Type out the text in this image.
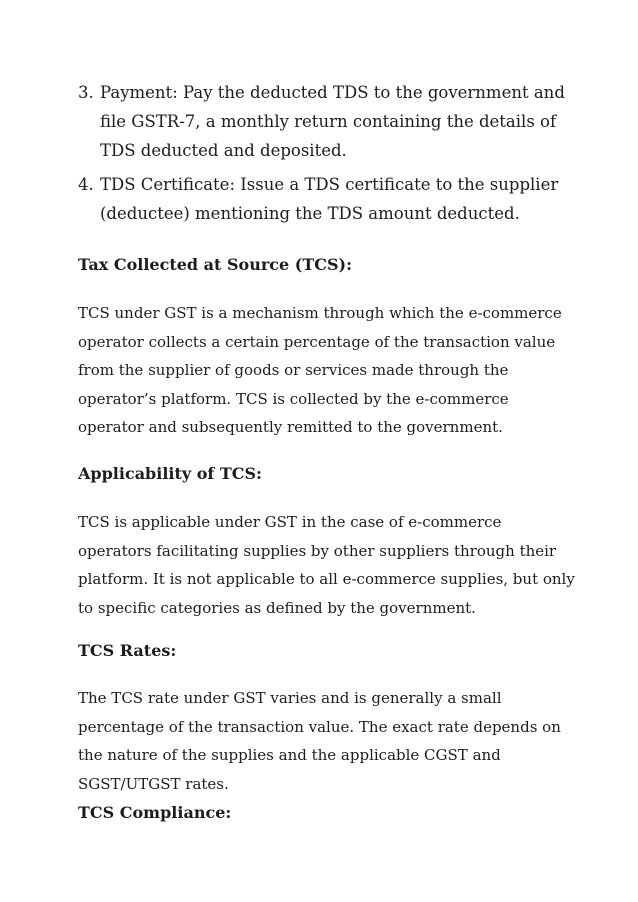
3. Payment: Pay the deducted TDS to the government and file GSTR-7, a monthly return containing the details of TDS deducted and deposited.
4. TDS Certificate: Issue a TDS certificate to the supplier (deductee) mentioning the TDS amount deducted.
Tax Collected at Source (TCS):

TCS under GST is a mechanism through which the e-commerce operator collects a certain percentage of the transaction value from the supplier of goods or services made through the operator’s platform. TCS is collected by the e-commerce operator and subsequently remitted to the government.

Applicability of TCS:

TCS is applicable under GST in the case of e-commerce operators facilitating supplies by other suppliers through their platform. It is not applicable to all e-commerce supplies, but only to specific categories as defined by the government.

TCS Rates:

The TCS rate under GST varies and is generally a small percentage of the transaction value. The exact rate depends on the nature of the supplies and the applicable CGST and SGST/UTGST rates.

TCS Compliance:
